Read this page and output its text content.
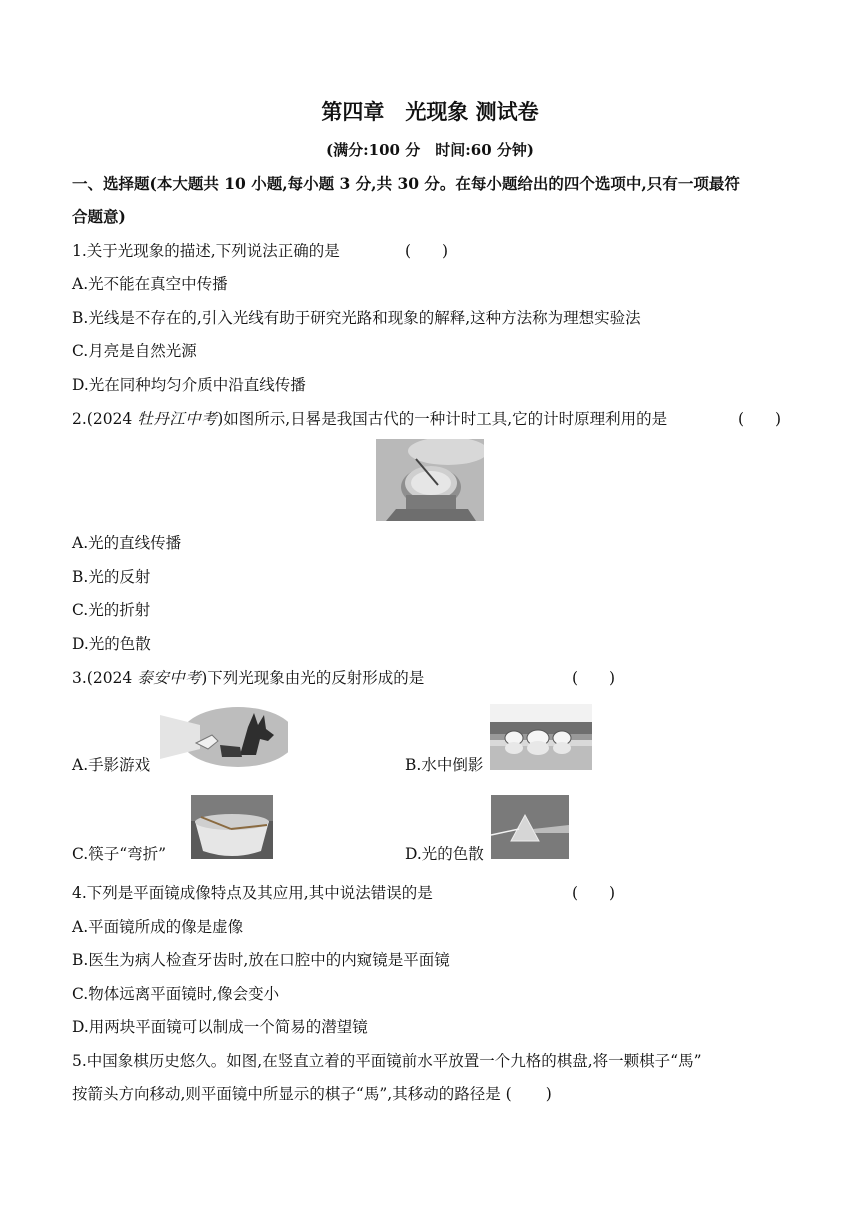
第四章　光现象 测试卷
(满分:100 分　时间:60 分钟)
一、选择题(本大题共 10 小题,每小题 3 分,共 30 分。在每小题给出的四个选项中,只有一项最符
合题意)
1.关于光现象的描述,下列说法正确的是	(　　)
A.光不能在真空中传播
B.光线是不存在的,引入光线有助于研究光路和现象的解释,这种方法称为理想实验法
C.月亮是自然光源
D.光在同种均匀介质中沿直线传播
2.(2024 牡丹江中考)如图所示,日晷是我国古代的一种计时工具,它的计时原理利用的是	(　　)
A.光的直线传播
B.光的反射
C.光的折射
D.光的色散
3.(2024 泰安中考)下列光现象由光的反射形成的是	(　　)
A.手影游戏	B.水中倒影
C.筷子“弯折”	D.光的色散
4.下列是平面镜成像特点及其应用,其中说法错误的是	(　　)
A.平面镜所成的像是虚像
B.医生为病人检查牙齿时,放在口腔中的内窥镜是平面镜
C.物体远离平面镜时,像会变小
D.用两块平面镜可以制成一个简易的潜望镜
5.中国象棋历史悠久。如图,在竖直立着的平面镜前水平放置一个九格的棋盘,将一颗棋子“馬”
按箭头方向移动,则平面镜中所显示的棋子“馬”,其移动的路径是 ( )
